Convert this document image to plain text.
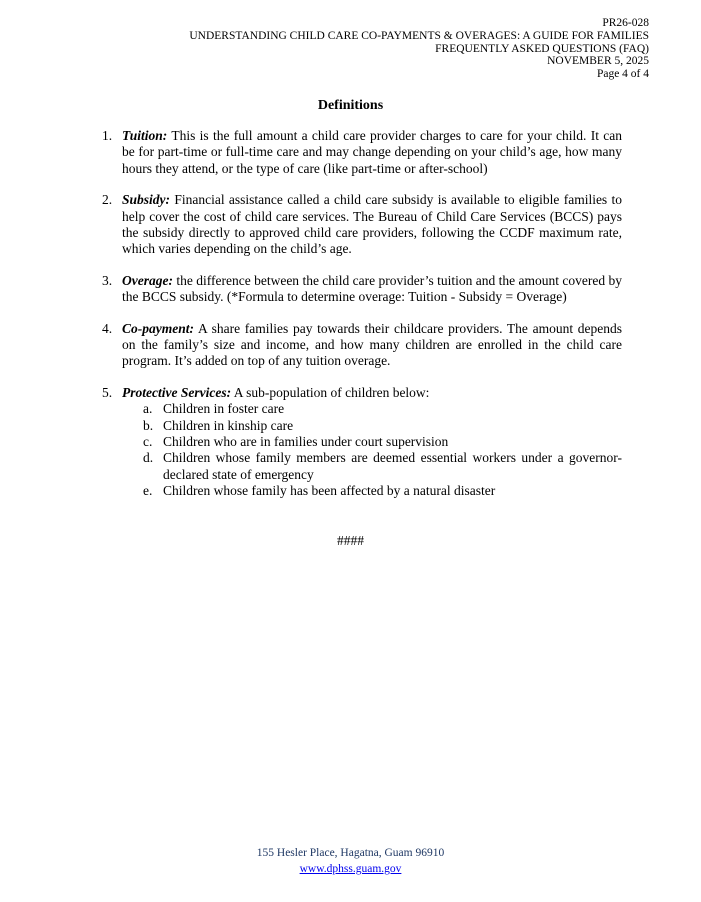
PR26-028
UNDERSTANDING CHILD CARE CO-PAYMENTS & OVERAGES: A GUIDE FOR FAMILIES
FREQUENTLY ASKED QUESTIONS (FAQ)
NOVEMBER 5, 2025
Page 4 of 4
Definitions
1. Tuition: This is the full amount a child care provider charges to care for your child. It can be for part-time or full-time care and may change depending on your child’s age, how many hours they attend, or the type of care (like part-time or after-school)
2. Subsidy: Financial assistance called a child care subsidy is available to eligible families to help cover the cost of child care services. The Bureau of Child Care Services (BCCS) pays the subsidy directly to approved child care providers, following the CCDF maximum rate, which varies depending on the child’s age.
3. Overage: the difference between the child care provider’s tuition and the amount covered by the BCCS subsidy. (*Formula to determine overage: Tuition - Subsidy = Overage)
4. Co-payment: A share families pay towards their childcare providers. The amount depends on the family’s size and income, and how many children are enrolled in the child care program. It’s added on top of any tuition overage.
5. Protective Services: A sub-population of children below:
a. Children in foster care
b. Children in kinship care
c. Children who are in families under court supervision
d. Children whose family members are deemed essential workers under a governor-declared state of emergency
e. Children whose family has been affected by a natural disaster
####
155 Hesler Place, Hagatna, Guam 96910
www.dphss.guam.gov
